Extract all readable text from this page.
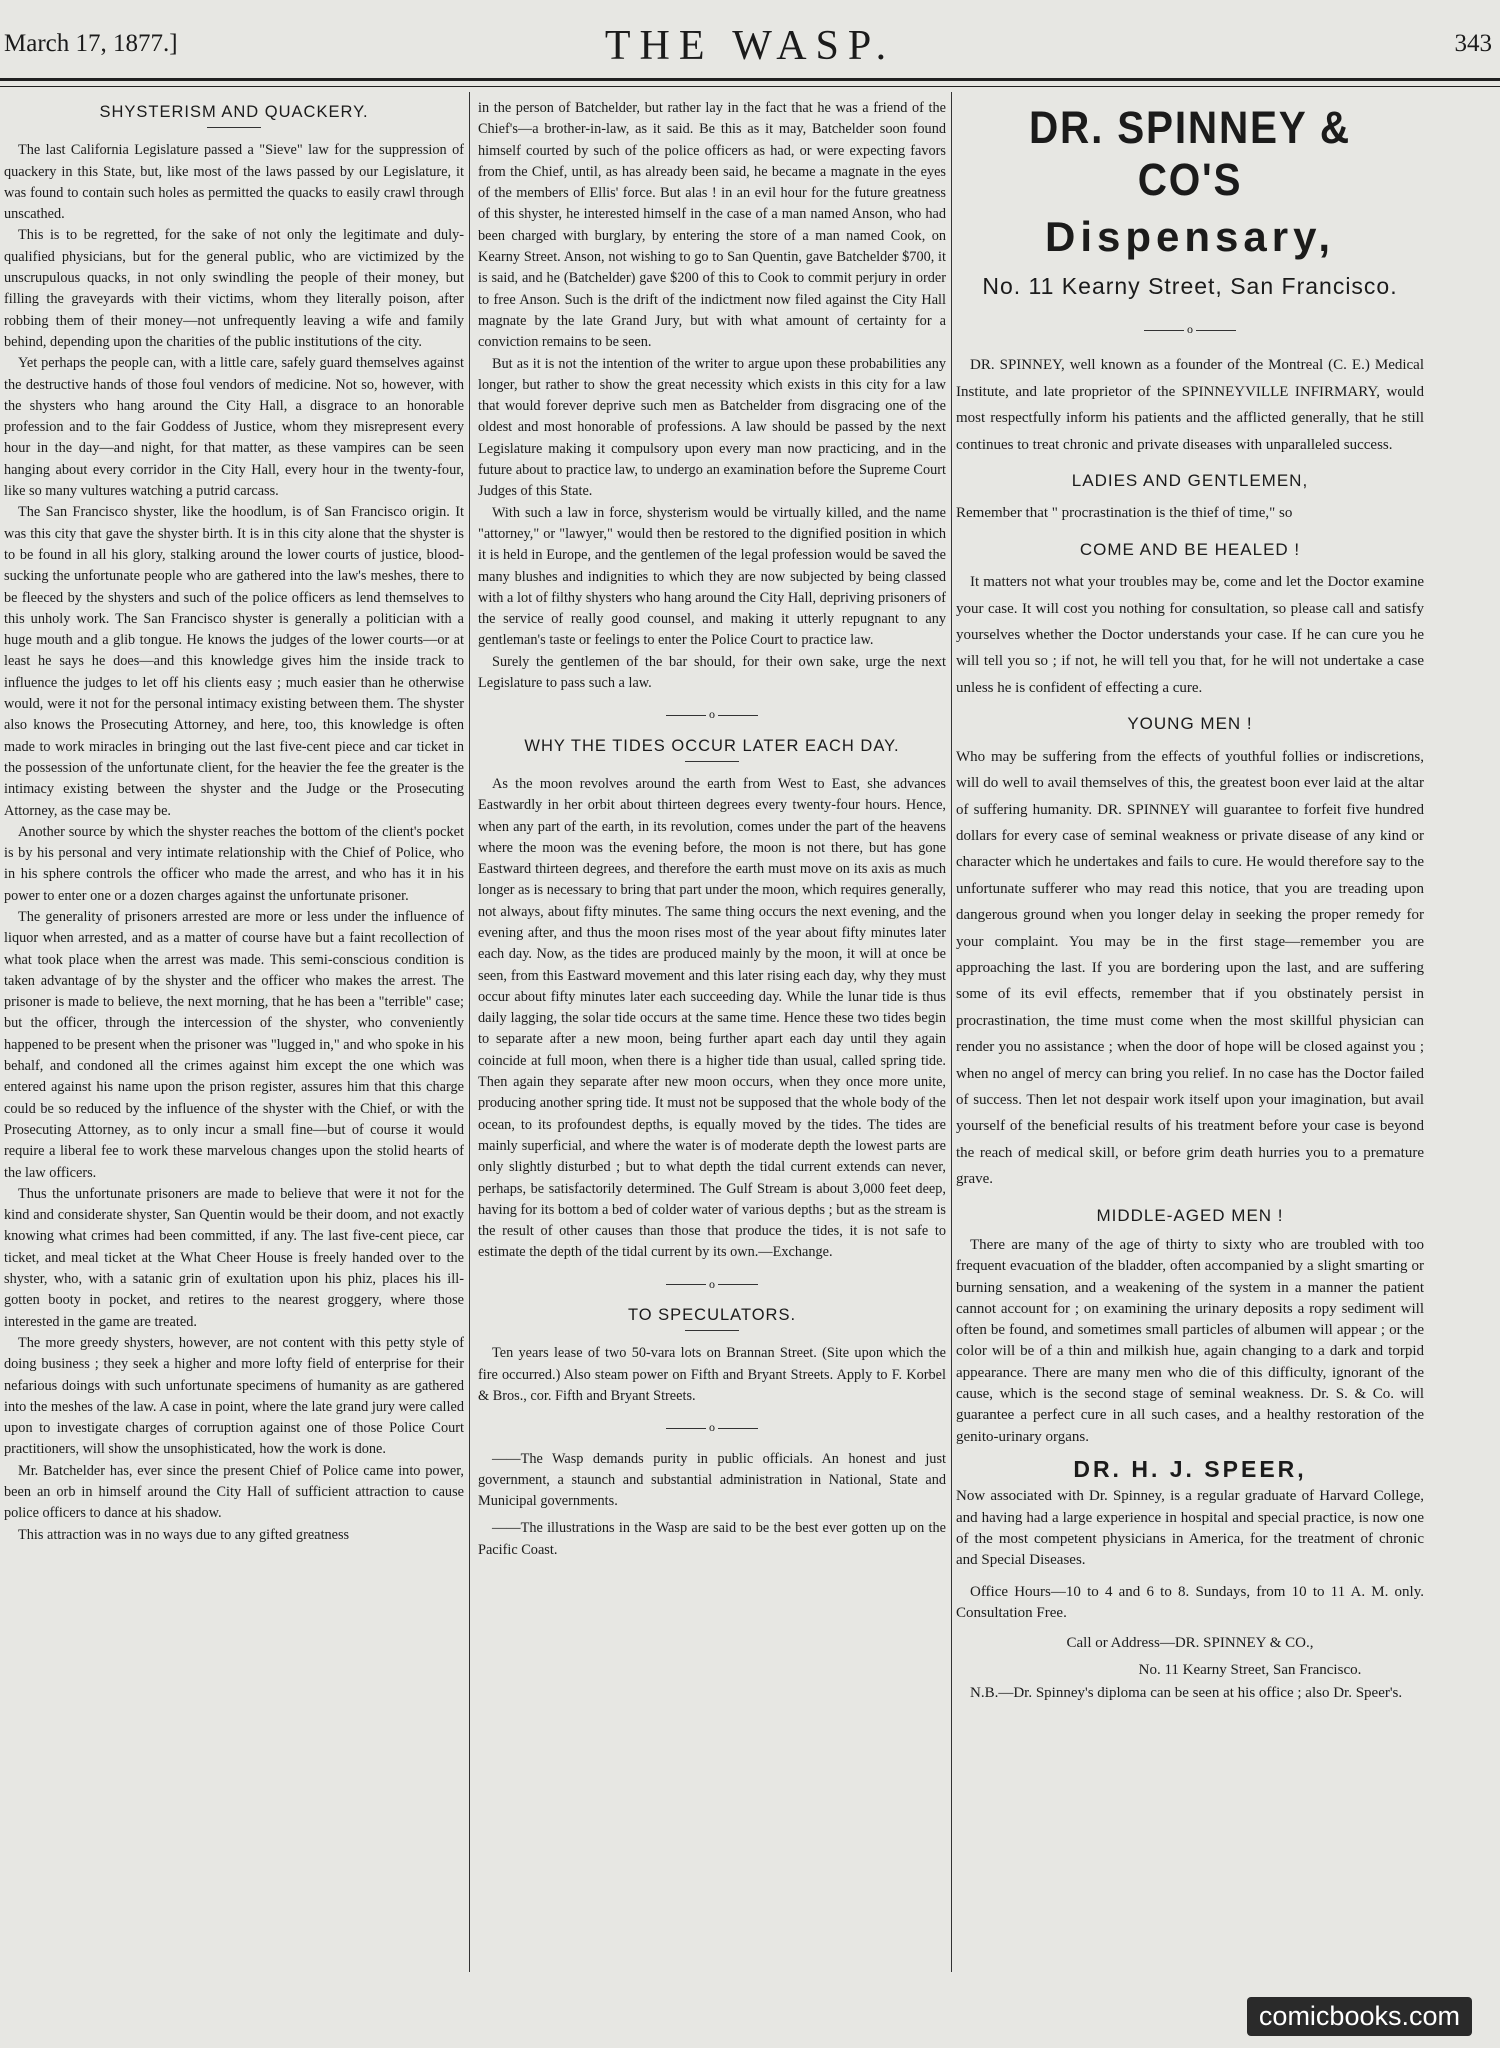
March 17, 1877.]	THE WASP.	343
SHYSTERISM AND QUACKERY.

The last California Legislature passed a "Sieve" law for the suppression of quackery in this State, but, like most of the laws passed by our Legislature, it was found to contain such holes as permitted the quacks to easily crawl through unscathed.

This is to be regretted, for the sake of not only the legitimate and duly-qualified physicians, but for the general public, who are victimized by the unscrupulous quacks, in not only swindling the people of their money, but filling the graveyards with their victims, whom they literally poison, after robbing them of their money—not unfrequently leaving a wife and family behind, depending upon the charities of the public institutions of the city.

Yet perhaps the people can, with a little care, safely guard themselves against the destructive hands of those foul vendors of medicine. Not so, however, with the shysters who hang around the City Hall, a disgrace to an honorable profession and to the fair Goddess of Justice, whom they misrepresent every hour in the day—and night, for that matter, as these vampires can be seen hanging about every corridor in the City Hall, every hour in the twenty-four, like so many vultures watching a putrid carcass.

The San Francisco shyster, like the hoodlum, is of San Francisco origin. It was this city that gave the shyster birth. It is in this city alone that the shyster is to be found in all his glory, stalking around the lower courts of justice, blood-sucking the unfortunate people who are gathered into the law's meshes, there to be fleeced by the shysters and such of the police officers as lend themselves to this unholy work. The San Francisco shyster is generally a politician with a huge mouth and a glib tongue. He knows the judges of the lower courts—or at least he says he does—and this knowledge gives him the inside track to influence the judges to let off his clients easy ; much easier than he otherwise would, were it not for the personal intimacy existing between them. The shyster also knows the Prosecuting Attorney, and here, too, this knowledge is often made to work miracles in bringing out the last five-cent piece and car ticket in the possession of the unfortunate client, for the heavier the fee the greater is the intimacy existing between the shyster and the Judge or the Prosecuting Attorney, as the case may be.

Another source by which the shyster reaches the bottom of the client's pocket is by his personal and very intimate relationship with the Chief of Police, who in his sphere controls the officer who made the arrest, and who has it in his power to enter one or a dozen charges against the unfortunate prisoner.

The generality of prisoners arrested are more or less under the influence of liquor when arrested, and as a matter of course have but a faint recollection of what took place when the arrest was made. This semi-conscious condition is taken advantage of by the shyster and the officer who makes the arrest. The prisoner is made to believe, the next morning, that he has been a "terrible" case; but the officer, through the intercession of the shyster, who conveniently happened to be present when the prisoner was "lugged in," and who spoke in his behalf, and condoned all the crimes against him except the one which was entered against his name upon the prison register, assures him that this charge could be so reduced by the influence of the shyster with the Chief, or with the Prosecuting Attorney, as to only incur a small fine—but of course it would require a liberal fee to work these marvelous changes upon the stolid hearts of the law officers.

Thus the unfortunate prisoners are made to believe that were it not for the kind and considerate shyster, San Quentin would be their doom, and not exactly knowing what crimes had been committed, if any. The last five-cent piece, car ticket, and meal ticket at the What Cheer House is freely handed over to the shyster, who, with a satanic grin of exultation upon his phiz, places his ill-gotten booty in pocket, and retires to the nearest groggery, where those interested in the game are treated.

The more greedy shysters, however, are not content with this petty style of doing business ; they seek a higher and more lofty field of enterprise for their nefarious doings with such unfortunate specimens of humanity as are gathered into the meshes of the law. A case in point, where the late grand jury were called upon to investigate charges of corruption against one of those Police Court practitioners, will show the unsophisticated, how the work is done.

Mr. Batchelder has, ever since the present Chief of Police came into power, been an orb in himself around the City Hall of sufficient attraction to cause police officers to dance at his shadow.

This attraction was in no ways due to any gifted greatness

in the person of Batchelder, but rather lay in the fact that he was a friend of the Chief's—a brother-in-law, as it said. Be this as it may, Batchelder soon found himself courted by such of the police officers as had, or were expecting favors from the Chief, until, as has already been said, he became a magnate in the eyes of the members of Ellis' force. But alas ! in an evil hour for the future greatness of this shyster, he interested himself in the case of a man named Anson, who had been charged with burglary, by entering the store of a man named Cook, on Kearny Street. Anson, not wishing to go to San Quentin, gave Batchelder $700, it is said, and he (Batchelder) gave $200 of this to Cook to commit perjury in order to free Anson. Such is the drift of the indictment now filed against the City Hall magnate by the late Grand Jury, but with what amount of certainty for a conviction remains to be seen.

But as it is not the intention of the writer to argue upon these probabilities any longer, but rather to show the great necessity which exists in this city for a law that would forever deprive such men as Batchelder from disgracing one of the oldest and most honorable of professions. A law should be passed by the next Legislature making it compulsory upon every man now practicing, and in the future about to practice law, to undergo an examination before the Supreme Court Judges of this State.

With such a law in force, shysterism would be virtually killed, and the name "attorney," or "lawyer," would then be restored to the dignified position in which it is held in Europe, and the gentlemen of the legal profession would be saved the many blushes and indignities to which they are now subjected by being classed with a lot of filthy shysters who hang around the City Hall, depriving prisoners of the service of really good counsel, and making it utterly repugnant to any gentleman's taste or feelings to enter the Police Court to practice law.

Surely the gentlemen of the bar should, for their own sake, urge the next Legislature to pass such a law.

o
WHY THE TIDES OCCUR LATER EACH DAY.

As the moon revolves around the earth from West to East, she advances Eastwardly in her orbit about thirteen degrees every twenty-four hours. Hence, when any part of the earth, in its revolution, comes under the part of the heavens where the moon was the evening before, the moon is not there, but has gone Eastward thirteen degrees, and therefore the earth must move on its axis as much longer as is necessary to bring that part under the moon, which requires generally, not always, about fifty minutes. The same thing occurs the next evening, and the evening after, and thus the moon rises most of the year about fifty minutes later each day. Now, as the tides are produced mainly by the moon, it will at once be seen, from this Eastward movement and this later rising each day, why they must occur about fifty minutes later each succeeding day. While the lunar tide is thus daily lagging, the solar tide occurs at the same time. Hence these two tides begin to separate after a new moon, being further apart each day until they again coincide at full moon, when there is a higher tide than usual, called spring tide. Then again they separate after new moon occurs, when they once more unite, producing another spring tide. It must not be supposed that the whole body of the ocean, to its profoundest depths, is equally moved by the tides. The tides are mainly superficial, and where the water is of moderate depth the lowest parts are only slightly disturbed ; but to what depth the tidal current extends can never, perhaps, be satisfactorily determined. The Gulf Stream is about 3,000 feet deep, having for its bottom a bed of colder water of various depths ; but as the stream is the result of other causes than those that produce the tides, it is not safe to estimate the depth of the tidal current by its own.—Exchange.

o
TO SPECULATORS.

Ten years lease of two 50-vara lots on Brannan Street. (Site upon which the fire occurred.) Also steam power on Fifth and Bryant Streets. Apply to F. Korbel & Bros., cor. Fifth and Bryant Streets.

o

——The Wasp demands purity in public officials. An honest and just government, a staunch and substantial administration in National, State and Municipal governments.

——The illustrations in the Wasp are said to be the best ever gotten up on the Pacific Coast.

DR. SPINNEY & CO'S
Dispensary,
No. 11 Kearny Street, San Francisco.
o

DR. SPINNEY, well known as a founder of the Montreal (C. E.) Medical Institute, and late proprietor of the SPINNEYVILLE INFIRMARY, would most respectfully inform his patients and the afflicted generally, that he still continues to treat chronic and private diseases with unparalleled success.

LADIES AND GENTLEMEN,

Remember that " procrastination is the thief of time," so

COME AND BE HEALED !

It matters not what your troubles may be, come and let the Doctor examine your case. It will cost you nothing for consultation, so please call and satisfy yourselves whether the Doctor understands your case. If he can cure you he will tell you so ; if not, he will tell you that, for he will not undertake a case unless he is confident of effecting a cure.

YOUNG MEN !

Who may be suffering from the effects of youthful follies or indiscretions, will do well to avail themselves of this, the greatest boon ever laid at the altar of suffering humanity. DR. SPINNEY will guarantee to forfeit five hundred dollars for every case of seminal weakness or private disease of any kind or character which he undertakes and fails to cure. He would therefore say to the unfortunate sufferer who may read this notice, that you are treading upon dangerous ground when you longer delay in seeking the proper remedy for your complaint. You may be in the first stage—remember you are approaching the last. If you are bordering upon the last, and are suffering some of its evil effects, remember that if you obstinately persist in procrastination, the time must come when the most skillful physician can render you no assistance ; when the door of hope will be closed against you ; when no angel of mercy can bring you relief. In no case has the Doctor failed of success. Then let not despair work itself upon your imagination, but avail yourself of the beneficial results of his treatment before your case is beyond the reach of medical skill, or before grim death hurries you to a premature grave.

MIDDLE-AGED MEN !

There are many of the age of thirty to sixty who are troubled with too frequent evacuation of the bladder, often accompanied by a slight smarting or burning sensation, and a weakening of the system in a manner the patient cannot account for ; on examining the urinary deposits a ropy sediment will often be found, and sometimes small particles of albumen will appear ; or the color will be of a thin and milkish hue, again changing to a dark and torpid appearance. There are many men who die of this difficulty, ignorant of the cause, which is the second stage of seminal weakness. Dr. S. & Co. will guarantee a perfect cure in all such cases, and a healthy restoration of the genito-urinary organs.

DR. H. J. SPEER,

Now associated with Dr. Spinney, is a regular graduate of Harvard College, and having had a large experience in hospital and special practice, is now one of the most competent physicians in America, for the treatment of chronic and Special Diseases.

Office Hours—10 to 4 and 6 to 8. Sundays, from 10 to 11 A. M. only. Consultation Free.

Call or Address—DR. SPINNEY & CO.,
No. 11 Kearny Street, San Francisco.

N.B.—Dr. Spinney's diploma can be seen at his office ; also Dr. Speer's.

comicbooks.com
